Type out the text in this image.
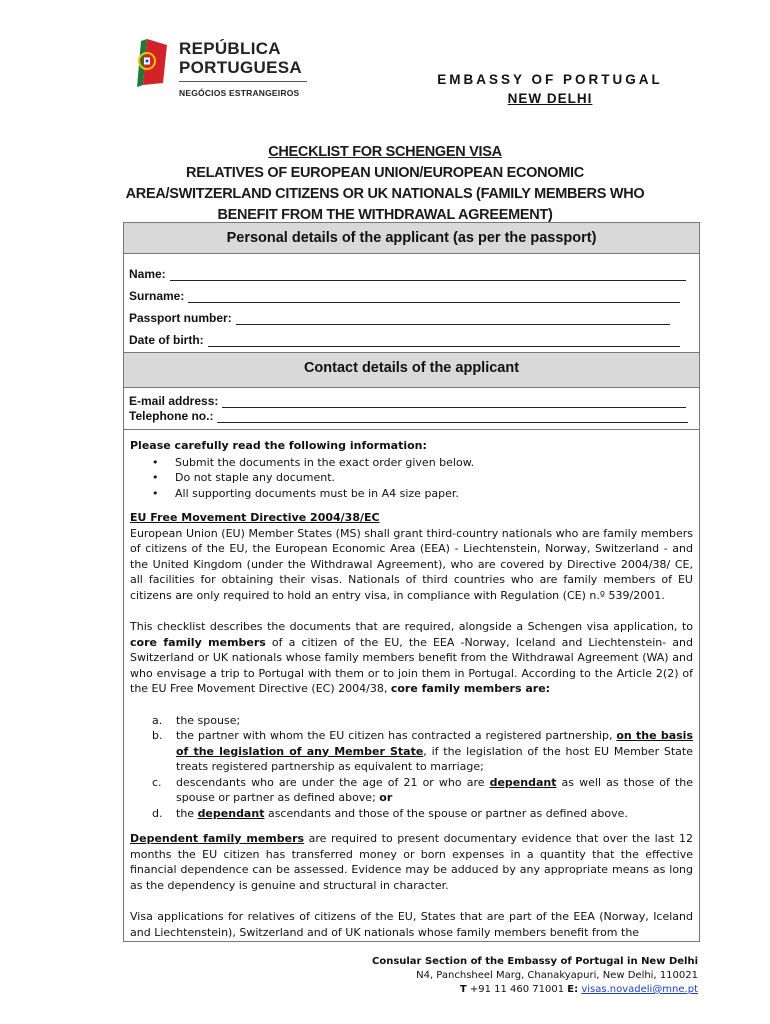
REPÚBLICA
PORTUGUESA
NEGÓCIOS ESTRANGEIROS
EMBASSY OF PORTUGAL
NEW DELHI
CHECKLIST FOR SCHENGEN VISA
RELATIVES OF EUROPEAN UNION/EUROPEAN ECONOMIC
AREA/SWITZERLAND CITIZENS OR UK NATIONALS (FAMILY MEMBERS WHO
BENEFIT FROM THE WITHDRAWAL AGREEMENT)
Personal details of the applicant (as per the passport)
Name:
Surname:
Passport number:
Date of birth:
Contact details of the applicant
E-mail address:
Telephone no.:
Please carefully read the following information:
• Submit the documents in the exact order given below.
• Do not staple any document.
• All supporting documents must be in A4 size paper.
EU Free Movement Directive 2004/38/EC
European Union (EU) Member States (MS) shall grant third-country nationals who are family members of citizens of the EU, the European Economic Area (EEA) - Liechtenstein, Norway, Switzerland - and the United Kingdom (under the Withdrawal Agreement), who are covered by Directive 2004/38/ CE, all facilities for obtaining their visas. Nationals of third countries who are family members of EU citizens are only required to hold an entry visa, in compliance with Regulation (CE) n.º 539/2001.
This checklist describes the documents that are required, alongside a Schengen visa application, to core family members of a citizen of the EU, the EEA -Norway, Iceland and Liechtenstein- and Switzerland or UK nationals whose family members benefit from the Withdrawal Agreement (WA) and who envisage a trip to Portugal with them or to join them in Portugal. According to the Article 2(2) of the EU Free Movement Directive (EC) 2004/38, core family members are:
a. the spouse;
b. the partner with whom the EU citizen has contracted a registered partnership, on the basis of the legislation of any Member State, if the legislation of the host EU Member State treats registered partnership as equivalent to marriage;
c. descendants who are under the age of 21 or who are dependant as well as those of the spouse or partner as defined above; or
d. the dependant ascendants and those of the spouse or partner as defined above.
Dependent family members are required to present documentary evidence that over the last 12 months the EU citizen has transferred money or born expenses in a quantity that the effective financial dependence can be assessed. Evidence may be adduced by any appropriate means as long as the dependency is genuine and structural in character.
Visa applications for relatives of citizens of the EU, States that are part of the EEA (Norway, Iceland and Liechtenstein), Switzerland and of UK nationals whose family members benefit from the
Consular Section of the Embassy of Portugal in New Delhi
N4, Panchsheel Marg, Chanakyapuri, New Delhi, 110021
T +91 11 460 71001 E: visas.novadeli@mne.pt
